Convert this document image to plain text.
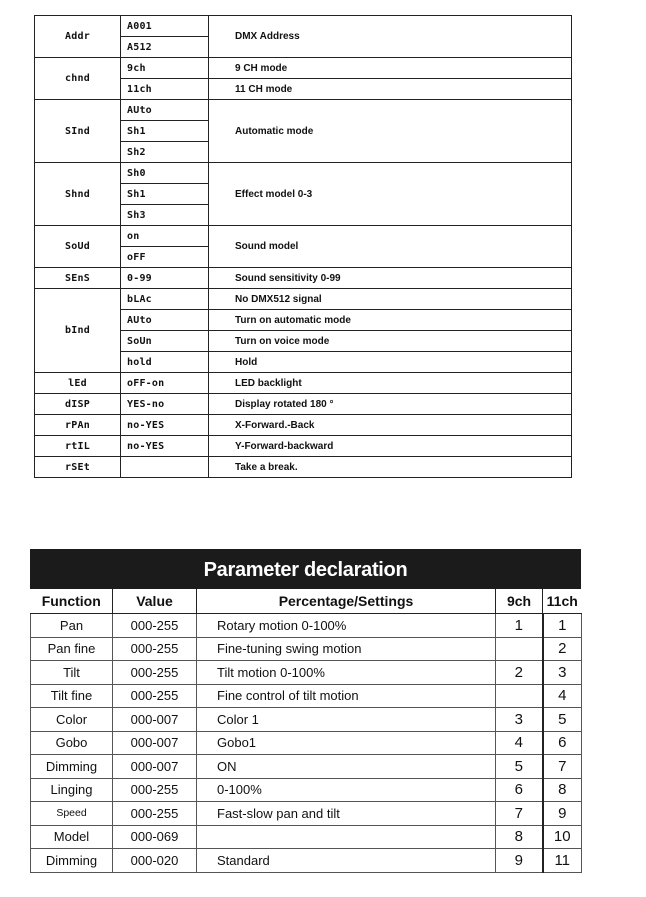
Addr	A001	DMX Address
	A512	
chnd	9ch	9 CH mode
	11ch	11 CH mode
SInd	AUto	Automatic mode
	Sh1	
	Sh2	
Shnd	Sh0	Effect model 0-3
	Sh1	
	Sh3	
SoUd	on	Sound model
	oFF	
SEnS	0-99	Sound sensitivity 0-99
bInd	bLAc	No DMX512 signal
	AUto	Turn on automatic mode
	SoUn	Turn on voice mode
	hold	Hold
lEd	oFF-on	LED backlight
dISP	YES-no	Display rotated 180 °
rPAn	no-YES	X-Forward.-Back
rtIL	no-YES	Y-Forward-backward
rSEt		Take a break.
Parameter declaration
Function	Value	Percentage/Settings	9ch	11ch
Pan	000-255	Rotary motion 0-100%	1	1
Pan fine	000-255	Fine-tuning swing motion		2
Tilt	000-255	Tilt motion 0-100%	2	3
Tilt fine	000-255	Fine control of tilt motion		4
Color	000-007	Color 1	3	5
Gobo	000-007	Gobo1	4	6
Dimming	000-007	ON	5	7
Linging	000-255	0-100%	6	8
Speed	000-255	Fast-slow pan and tilt	7	9
Model	000-069		8	10
Dimming	000-020	Standard	9	11
